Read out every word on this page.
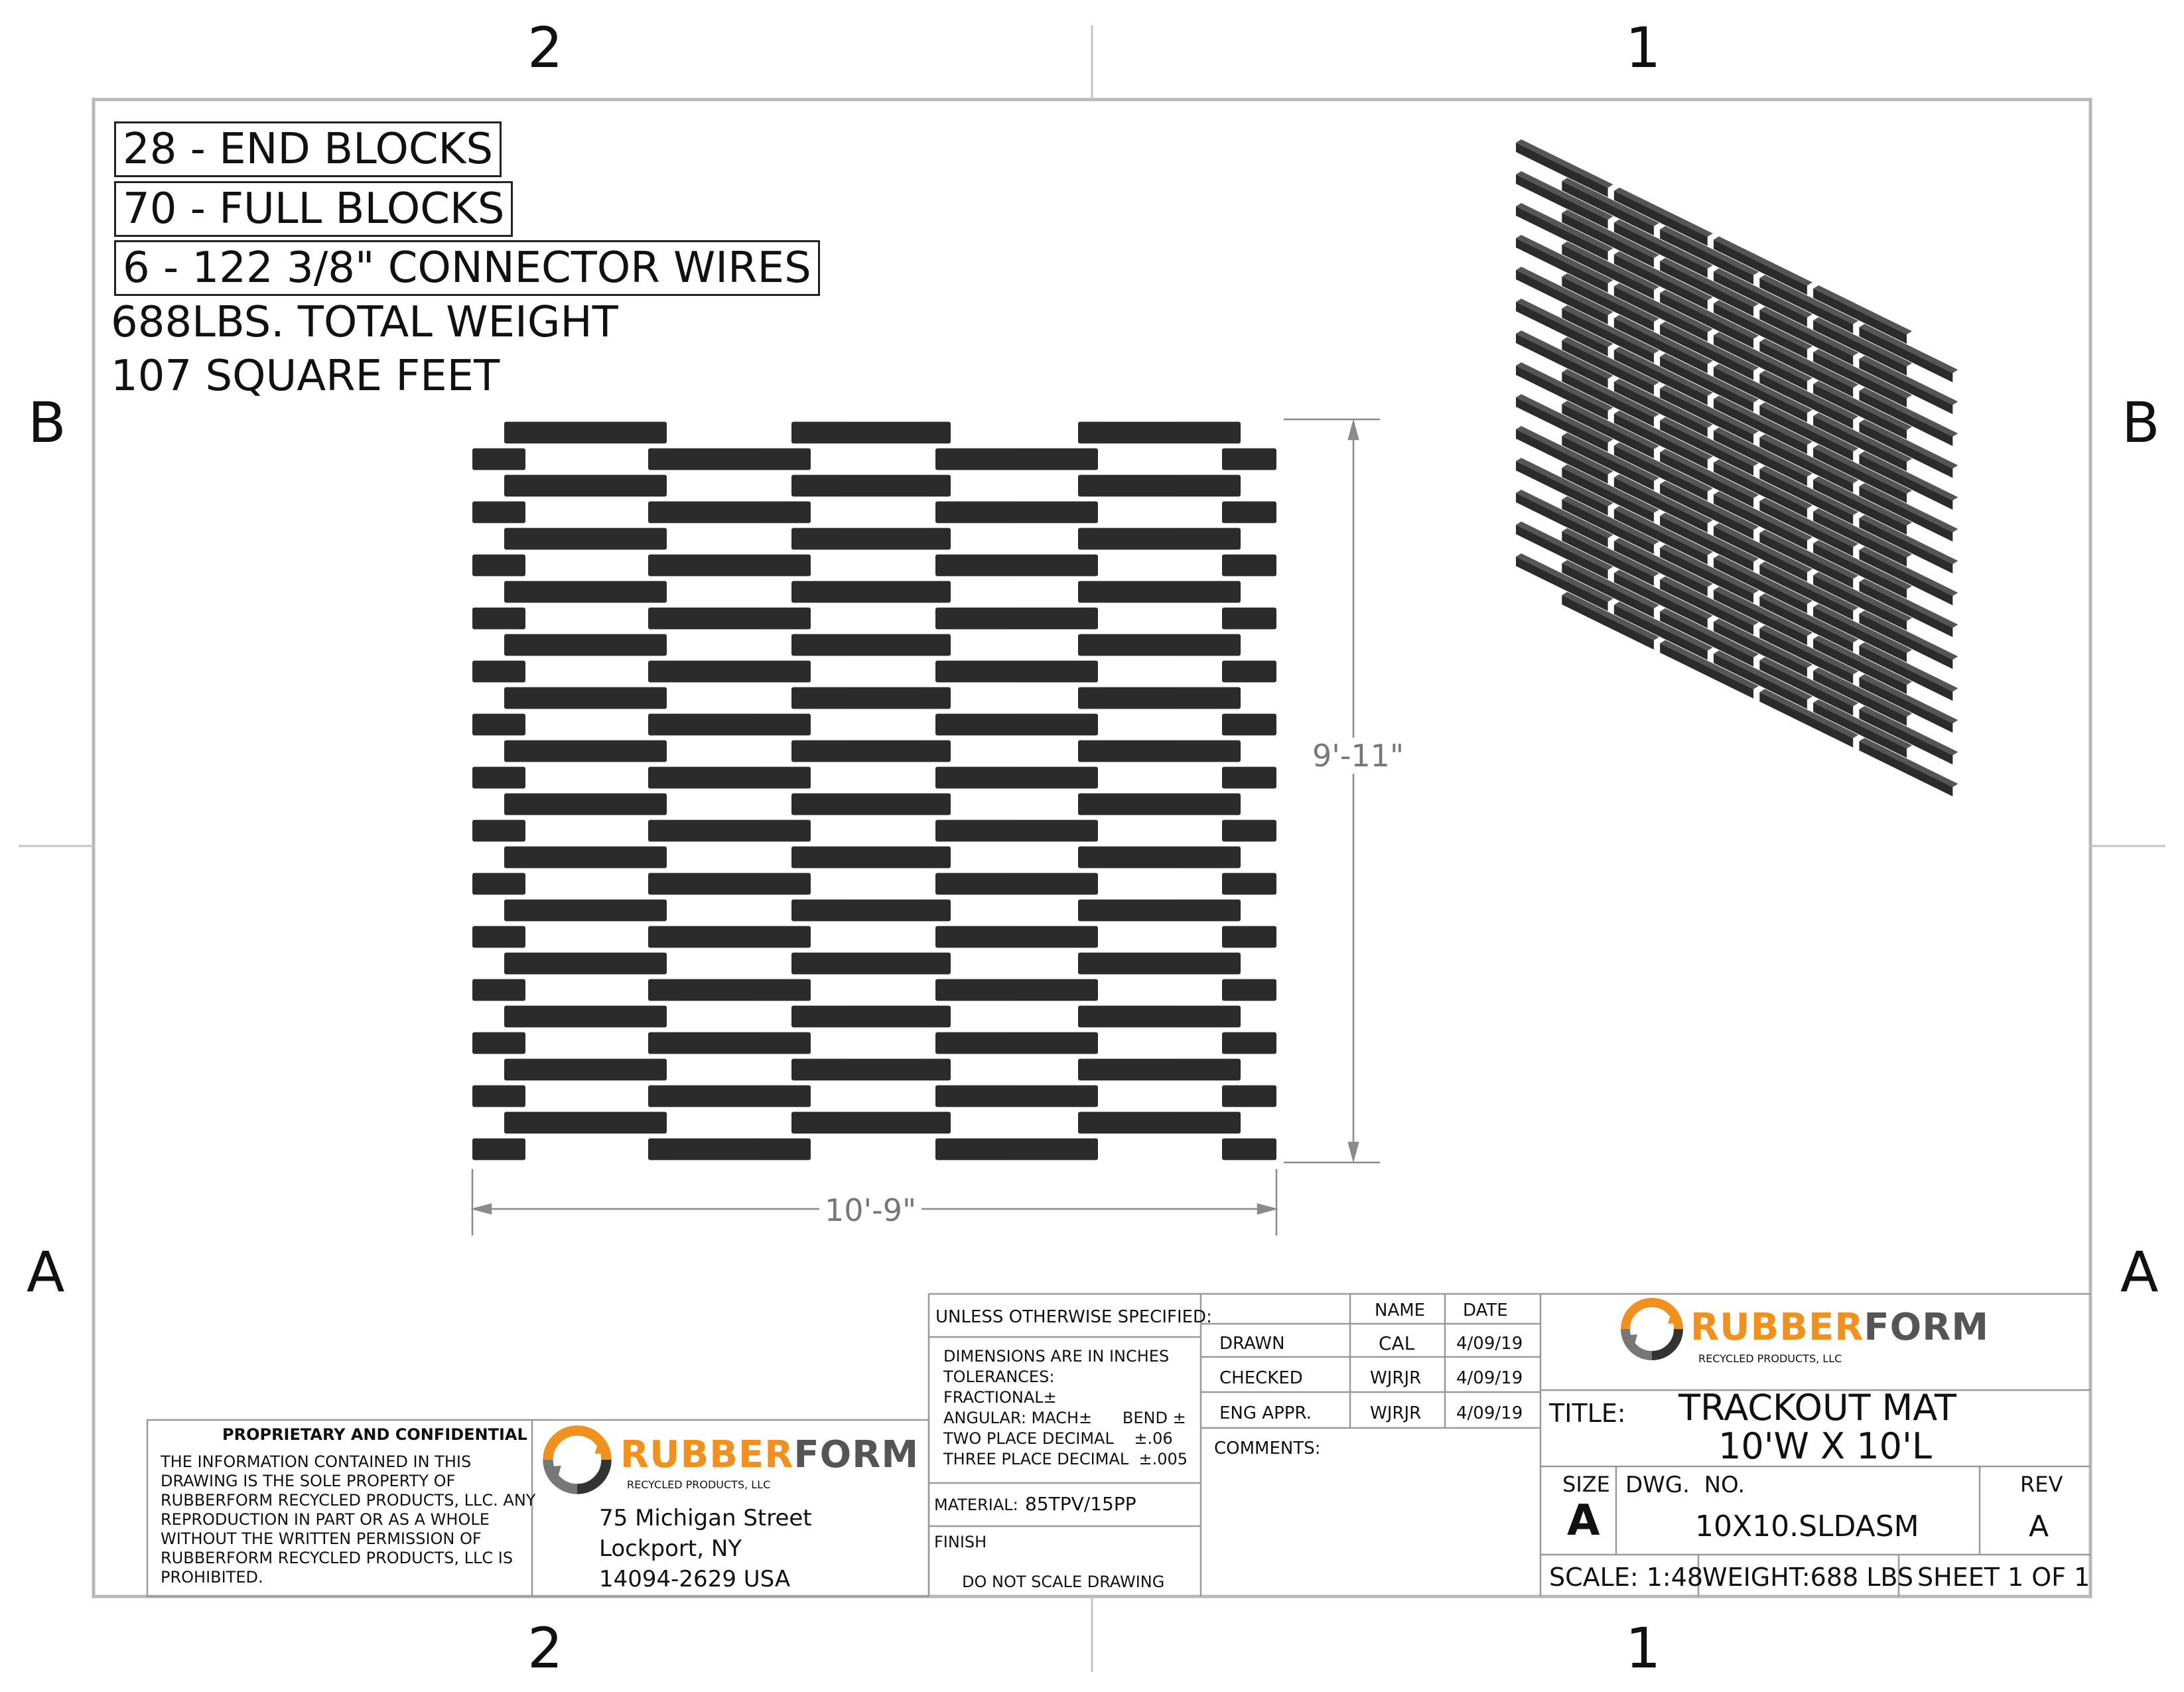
2	1
2	1
B	B
A	A
28 - END BLOCKS
70 - FULL BLOCKS
6 - 122 3/8" CONNECTOR WIRES
688LBS. TOTAL WEIGHT
107 SQUARE FEET
9'-11"
10'-9"
PROPRIETARY AND CONFIDENTIAL
THE INFORMATION CONTAINED IN THIS
DRAWING IS THE SOLE PROPERTY OF
RUBBERFORM RECYCLED PRODUCTS, LLC. ANY
REPRODUCTION IN PART OR AS A WHOLE
WITHOUT THE WRITTEN PERMISSION OF
RUBBERFORM RECYCLED PRODUCTS, LLC IS
PROHIBITED.
RUBBERFORM
RECYCLED PRODUCTS, LLC
75 Michigan Street
Lockport, NY
14094-2629 USA
UNLESS OTHERWISE SPECIFIED:
DIMENSIONS ARE IN INCHES
TOLERANCES:
FRACTIONAL±
ANGULAR: MACH±      BEND ±
TWO PLACE DECIMAL    ±.06
THREE PLACE DECIMAL  ±.005
MATERIAL: 85TPV/15PP
FINISH
DO NOT SCALE DRAWING
NAME DATE
DRAWN	CAL 4/09/19
CHECKED	WJRJR 4/09/19
ENG APPR.	WJRJR 4/09/19
COMMENTS:
RUBBERFORM
RECYCLED PRODUCTS, LLC
TITLE: TRACKOUT MAT
10'W X 10'L
SIZE
A
DWG.  NO.
10X10.SLDASM
REV
A
SCALE: 1:48
WEIGHT:688 LBS SHEET 1 OF 1
